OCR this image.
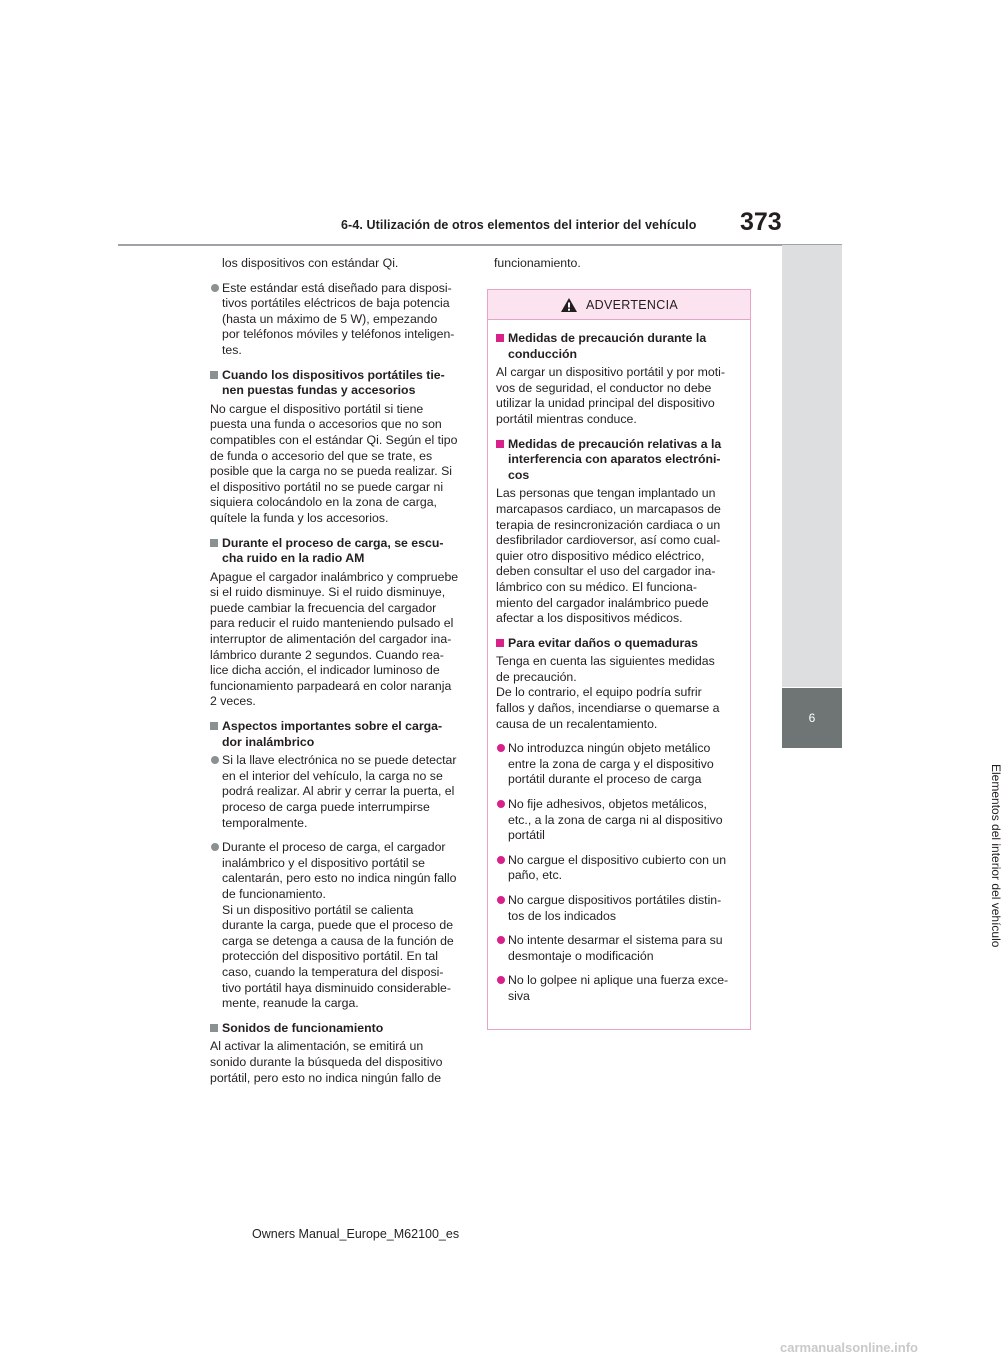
6-4. Utilización de otros elementos del interior del vehículo 373
6
Elementos del interior del vehículo
los dispositivos con estándar Qi.
Este estándar está diseñado para disposi-
tivos portátiles eléctricos de baja potencia
(hasta un máximo de 5 W), empezando
por teléfonos móviles y teléfonos inteligen-
tes.
Cuando los dispositivos portátiles tie-
nen puestas fundas y accesorios
No cargue el dispositivo portátil si tiene
puesta una funda o accesorios que no son
compatibles con el estándar Qi. Según el tipo
de funda o accesorio del que se trate, es
posible que la carga no se pueda realizar. Si
el dispositivo portátil no se puede cargar ni
siquiera colocándolo en la zona de carga,
quítele la funda y los accesorios.
Durante el proceso de carga, se escu-
cha ruido en la radio AM
Apague el cargador inalámbrico y compruebe
si el ruido disminuye. Si el ruido disminuye,
puede cambiar la frecuencia del cargador
para reducir el ruido manteniendo pulsado el
interruptor de alimentación del cargador ina-
lámbrico durante 2 segundos. Cuando rea-
lice dicha acción, el indicador luminoso de
funcionamiento parpadeará en color naranja
2 veces.
Aspectos importantes sobre el carga-
dor inalámbrico
Si la llave electrónica no se puede detectar
en el interior del vehículo, la carga no se
podrá realizar. Al abrir y cerrar la puerta, el
proceso de carga puede interrumpirse
temporalmente.
Durante el proceso de carga, el cargador
inalámbrico y el dispositivo portátil se
calentarán, pero esto no indica ningún fallo
de funcionamiento.
Si un dispositivo portátil se calienta
durante la carga, puede que el proceso de
carga se detenga a causa de la función de
protección del dispositivo portátil. En tal
caso, cuando la temperatura del disposi-
tivo portátil haya disminuido considerable-
mente, reanude la carga.
Sonidos de funcionamiento
Al activar la alimentación, se emitirá un
sonido durante la búsqueda del dispositivo
portátil, pero esto no indica ningún fallo de
funcionamiento.
ADVERTENCIA
Medidas de precaución durante la
conducción
Al cargar un dispositivo portátil y por moti-
vos de seguridad, el conductor no debe
utilizar la unidad principal del dispositivo
portátil mientras conduce.
Medidas de precaución relativas a la
interferencia con aparatos electróni-
cos
Las personas que tengan implantado un
marcapasos cardiaco, un marcapasos de
terapia de resincronización cardiaca o un
desfibrilador cardioversor, así como cual-
quier otro dispositivo médico eléctrico,
deben consultar el uso del cargador ina-
lámbrico con su médico. El funciona-
miento del cargador inalámbrico puede
afectar a los dispositivos médicos.
Para evitar daños o quemaduras
Tenga en cuenta las siguientes medidas
de precaución.
De lo contrario, el equipo podría sufrir
fallos y daños, incendiarse o quemarse a
causa de un recalentamiento.
No introduzca ningún objeto metálico
entre la zona de carga y el dispositivo
portátil durante el proceso de carga
No fije adhesivos, objetos metálicos,
etc., a la zona de carga ni al dispositivo
portátil
No cargue el dispositivo cubierto con un
paño, etc.
No cargue dispositivos portátiles distin-
tos de los indicados
No intente desarmar el sistema para su
desmontaje o modificación
No lo golpee ni aplique una fuerza exce-
siva
Owners Manual_Europe_M62100_es
carmanualsonline.info
